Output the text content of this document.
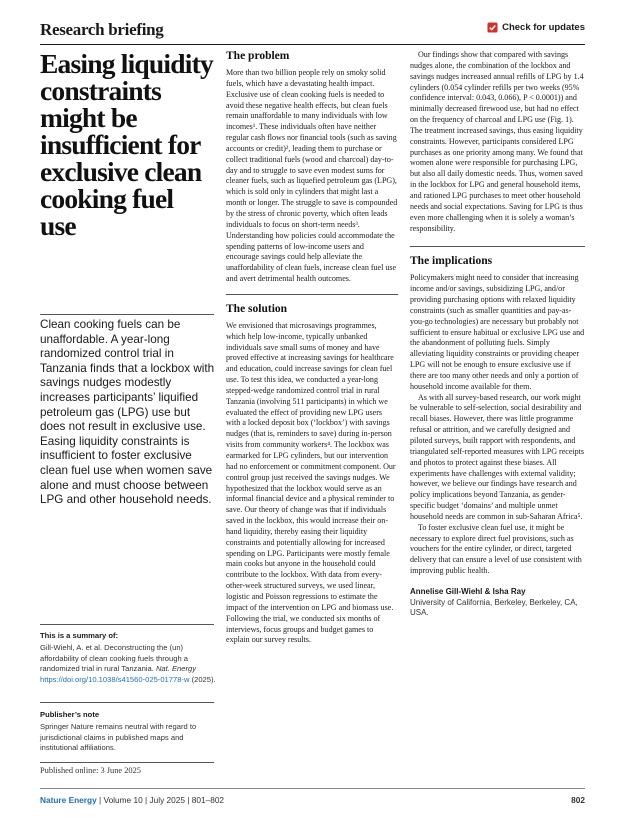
Research briefing	Check for updates
Easing liquidity constraints might be insufficient for exclusive clean cooking fuel use
Clean cooking fuels can be unaffordable. A year-long randomized control trial in Tanzania finds that a lockbox with savings nudges modestly increases participants’ liquified petroleum gas (LPG) use but does not result in exclusive use. Easing liquidity constraints is insufficient to foster exclusive clean fuel use when women save alone and must choose between LPG and other household needs.
This is a summary of:
Gill-Wiehl, A. et al. Deconstructing the (un) affordability of clean cooking fuels through a randomized trial in rural Tanzania. Nat. Energy https://doi.org/10.1038/s41560-025-01778-w (2025).
Publisher’s note
Springer Nature remains neutral with regard to jurisdictional claims in published maps and institutional affiliations.
Published online: 3 June 2025
The problem

More than two billion people rely on smoky solid fuels, which have a devastating health impact. Exclusive use of clean cooking fuels is needed to avoid these negative health effects, but clean fuels remain unaffordable to many individuals with low incomes¹. These individuals often have neither regular cash flows nor financial tools (such as saving accounts or credit)², leading them to purchase or collect traditional fuels (wood and charcoal) day-to-day and to struggle to save even modest sums for cleaner fuels, such as liquefied petroleum gas (LPG), which is sold only in cylinders that might last a month or longer. The struggle to save is compounded by the stress of chronic poverty, which often leads individuals to focus on short-term needs³. Understanding how policies could accommodate the spending patterns of low-income users and encourage savings could help alleviate the unaffordability of clean fuels, increase clean fuel use and avert detrimental health outcomes.

The solution

We envisioned that microsavings programmes, which help low-income, typically unbanked individuals save small sums of money and have proved effective at increasing savings for healthcare and education, could increase savings for clean fuel use. To test this idea, we conducted a year-long stepped-wedge randomized control trial in rural Tanzania (involving 511 participants) in which we evaluated the effect of providing new LPG users with a locked deposit box (‘lockbox’) with savings nudges (that is, reminders to save) during in-person visits from community workers⁴. The lockbox was earmarked for LPG cylinders, but our intervention had no enforcement or commitment component. Our control group just received the savings nudges. We hypothesized that the lockbox would serve as an informal financial device and a physical reminder to save. Our theory of change was that if individuals saved in the lockbox, this would increase their on-hand liquidity, thereby easing their liquidity constraints and potentially allowing for increased spending on LPG. Participants were mostly female main cooks but anyone in the household could contribute to the lockbox. With data from every-other-week structured surveys, we used linear, logistic and Poisson regressions to estimate the impact of the intervention on LPG and biomass use. Following the trial, we conducted six months of interviews, focus groups and budget games to explain our survey results.

Our findings show that compared with savings nudges alone, the combination of the lockbox and savings nudges increased annual refills of LPG by 1.4 cylinders (0.054 cylinder refills per two weeks (95% confidence interval: 0.043, 0.066), P < 0.0001)) and minimally decreased firewood use, but had no effect on the frequency of charcoal and LPG use (Fig. 1). The treatment increased savings, thus easing liquidity constraints. However, participants considered LPG purchases as one priority among many. We found that women alone were responsible for purchasing LPG, but also all daily domestic needs. Thus, women saved in the lockbox for LPG and general household items, and rationed LPG purchases to meet other household needs and social expectations. Saving for LPG is thus even more challenging when it is solely a woman’s responsibility.

The implications

Policymakers might need to consider that increasing income and/or savings, subsidizing LPG, and/or providing purchasing options with relaxed liquidity constraints (such as smaller quantities and pay-as-you-go technologies) are necessary but probably not sufficient to ensure habitual or exclusive LPG use and the abandonment of polluting fuels. Simply alleviating liquidity constraints or providing cheaper LPG will not be enough to ensure exclusive use if there are too many other needs and only a portion of household income available for them.

As with all survey-based research, our work might be vulnerable to self-selection, social desirability and recall biases. However, there was little programme refusal or attrition, and we carefully designed and piloted surveys, built rapport with respondents, and triangulated self-reported measures with LPG receipts and photos to protect against these biases. All experiments have challenges with external validity; however, we believe our findings have research and policy implications beyond Tanzania, as gender-specific budget ‘domains’ and multiple unmet household needs are common in sub-Saharan Africa⁵.

To foster exclusive clean fuel use, it might be necessary to explore direct fuel provisions, such as vouchers for the entire cylinder, or direct, targeted delivery that can ensure a level of use consistent with improving public health.

Annelise Gill-Wiehl & Isha Ray
University of California, Berkeley, Berkeley, CA, USA.
Nature Energy | Volume 10 | July 2025 | 801–802	802
